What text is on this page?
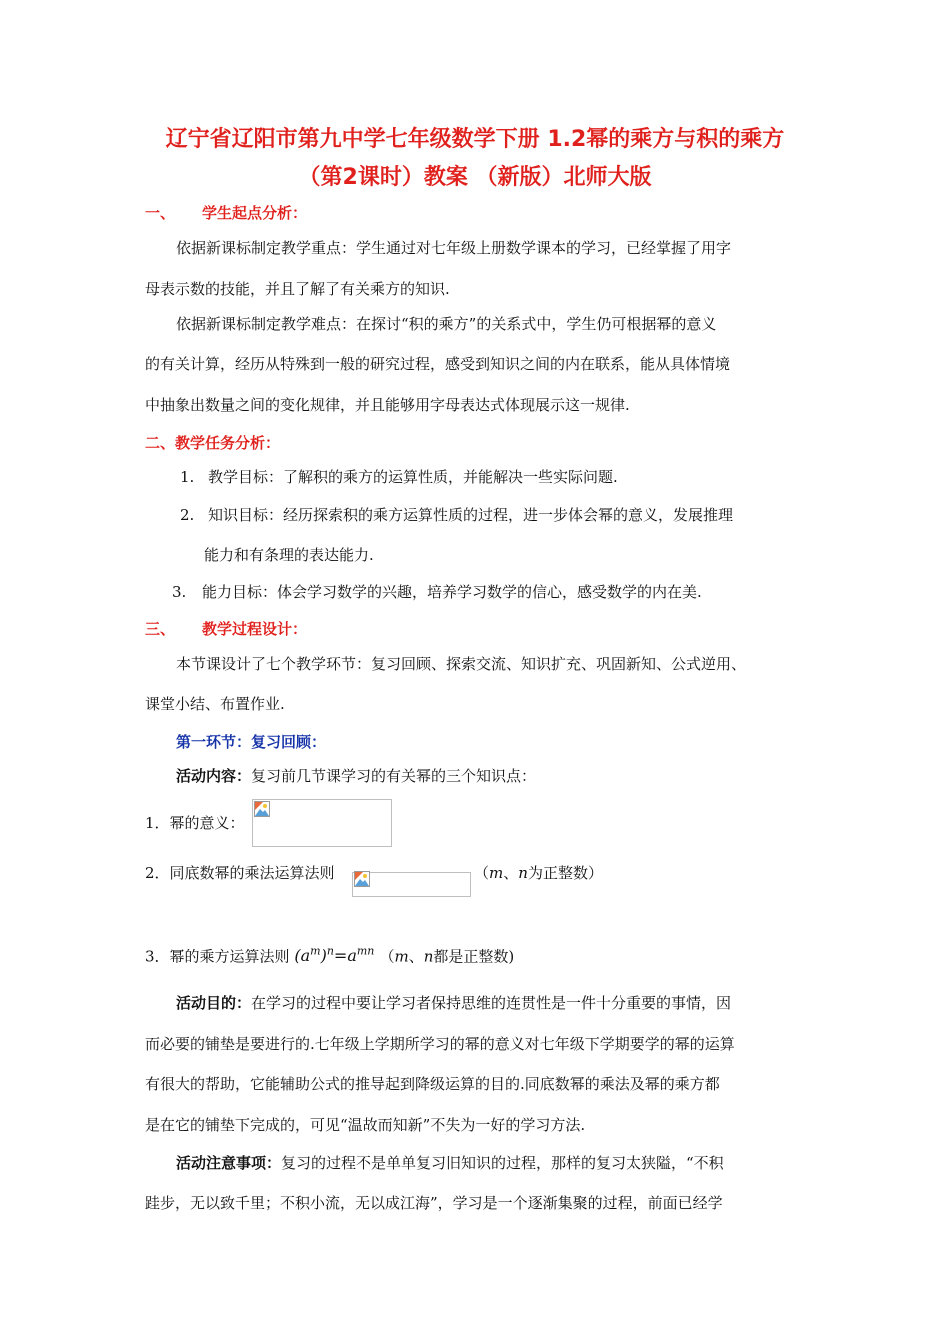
辽宁省辽阳市第九中学七年级数学下册 1.2幂的乘方与积的乘方
（第2课时）教案 （新版）北师大版
一、 学生起点分析：
依据新课标制定教学重点：学生通过对七年级上册数学课本的学习，已经掌握了用字
母表示数的技能，并且了解了有关乘方的知识.
依据新课标制定教学难点：在探讨“积的乘方”的关系式中，学生仍可根据幂的意义
的有关计算，经历从特殊到一般的研究过程，感受到知识之间的内在联系，能从具体情境
中抽象出数量之间的变化规律，并且能够用字母表达式体现展示这一规律.
二、教学任务分析：
1. 教学目标：了解积的乘方的运算性质，并能解决一些实际问题.
2. 知识目标：经历探索积的乘方运算性质的过程，进一步体会幂的意义，发展推理
能力和有条理的表达能力.
3. 能力目标：体会学习数学的兴趣，培养学习数学的信心，感受数学的内在美.
三、 教学过程设计：
本节课设计了七个教学环节：复习回顾、探索交流、知识扩充、巩固新知、公式逆用、
课堂小结、布置作业.
第一环节：复习回顾：
活动内容：复习前几节课学习的有关幂的三个知识点：
1．幂的意义：
2．同底数幂的乘法运算法则	（m、n为正整数）
3．幂的乘方运算法则 $(a^m)^n=a^{mn}$ （m、n都是正整数)
活动目的：在学习的过程中要让学习者保持思维的连贯性是一件十分重要的事情，因
而必要的铺垫是要进行的.七年级上学期所学习的幂的意义对七年级下学期要学的幂的运算
有很大的帮助，它能辅助公式的推导起到降级运算的目的.同底数幂的乘法及幂的乘方都
是在它的铺垫下完成的，可见“温故而知新”不失为一好的学习方法.
活动注意事项：复习的过程不是单单复习旧知识的过程，那样的复习太狭隘，“不积
跬步，无以致千里；不积小流，无以成江海”，学习是一个逐渐集聚的过程，前面已经学
